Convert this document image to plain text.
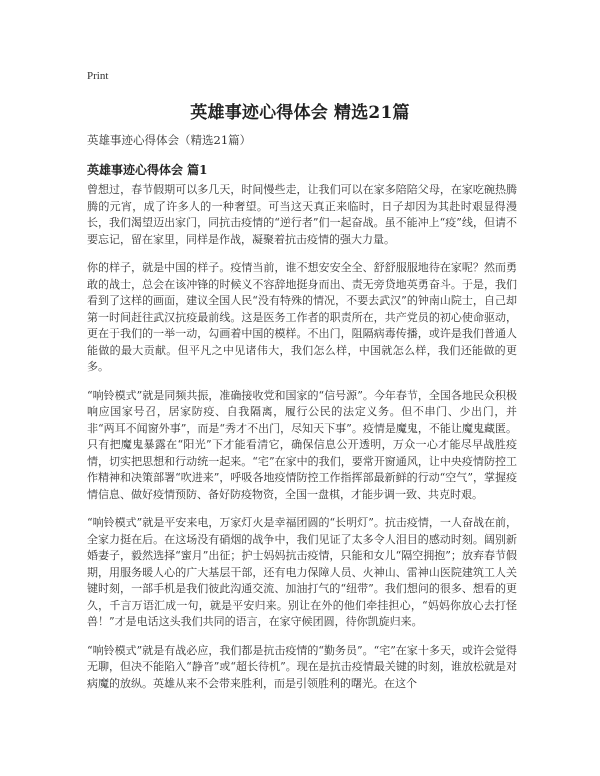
Print
英雄事迹心得体会 精选21篇
英雄事迹心得体会（精选21篇）
英雄事迹心得体会 篇1

曾想过，春节假期可以多几天，时间慢些走，让我们可以在家多陪陪父母，在家吃碗热腾腾的元宵，成了许多人的一种奢望。可当这天真正来临时，日子却因为其赴时艰显得漫长，我们渴望迈出家门，同抗击疫情的“逆行者”们一起奋战。虽不能冲上“疫”线，但请不要忘记，留在家里，同样是作战，凝聚着抗击疫情的强大力量。

你的样子，就是中国的样子。疫情当前，谁不想安安全全、舒舒服服地待在家呢？然而勇敢的战士，总会在该冲锋的时候义不容辞地挺身而出、责无旁贷地英勇奋斗。于是，我们看到了这样的画面，建议全国人民“没有特殊的情况，不要去武汉”的钟南山院士，自己却第一时间赶往武汉抗疫最前线。这是医务工作者的职责所在，共产党员的初心使命驱动，更在于我们的一举一动，勾画着中国的模样。不出门，阻隔病毒传播，或许是我们普通人能做的最大贡献。但平凡之中见诸伟大，我们怎么样，中国就怎么样，我们还能做的更多。

“响铃模式”就是同频共振，准确接收党和国家的“信号源”。今年春节，全国各地民众积极响应国家号召，居家防疫、自我隔离，履行公民的法定义务。但不串门、少出门，并非“两耳不闻窗外事”，而是“秀才不出门，尽知天下事”。疫情是魔鬼，不能让魔鬼藏匿。只有把魔鬼暴露在“阳光”下才能看清它，确保信息公开透明，万众一心才能尽早战胜疫情，切实把思想和行动统一起来。“宅”在家中的我们，要常开窗通风，让中央疫情防控工作精神和决策部署“吹进来”，呼吸各地疫情防控工作指挥部最新鲜的行动“空气”，掌握疫情信息、做好疫情预防、备好防疫物资，全国一盘棋，才能步调一致、共克时艰。

“响铃模式”就是平安来电，万家灯火是幸福团圆的“长明灯”。抗击疫情，一人奋战在前，全家力挺在后。在这场没有硝烟的战争中，我们见证了太多令人泪目的感动时刻。阔别新婚妻子，毅然选择“蜜月”出征；护士妈妈抗击疫情，只能和女儿“隔空拥抱”；放弃春节假期，用服务暖人心的广大基层干部，还有电力保障人员、火神山、雷神山医院建筑工人关键时刻，一部手机是我们彼此沟通交流、加油打气的“纽带”。我们想问的很多、想看的更久，千言万语汇成一句，就是平安归来。别让在外的他们牵挂担心，“妈妈你放心去打怪兽！”才是电话这头我们共同的语言，在家守候团圆，待你凯旋归来。

“响铃模式”就是有战必应，我们都是抗击疫情的“勤务员”。“宅”在家十多天，或许会觉得无聊，但决不能陷入“静音”或“超长待机”。现在是抗击疫情最关键的时刻，谁放松就是对病魔的放纵。英雄从来不会带来胜利，而是引领胜利的曙光。在这个
